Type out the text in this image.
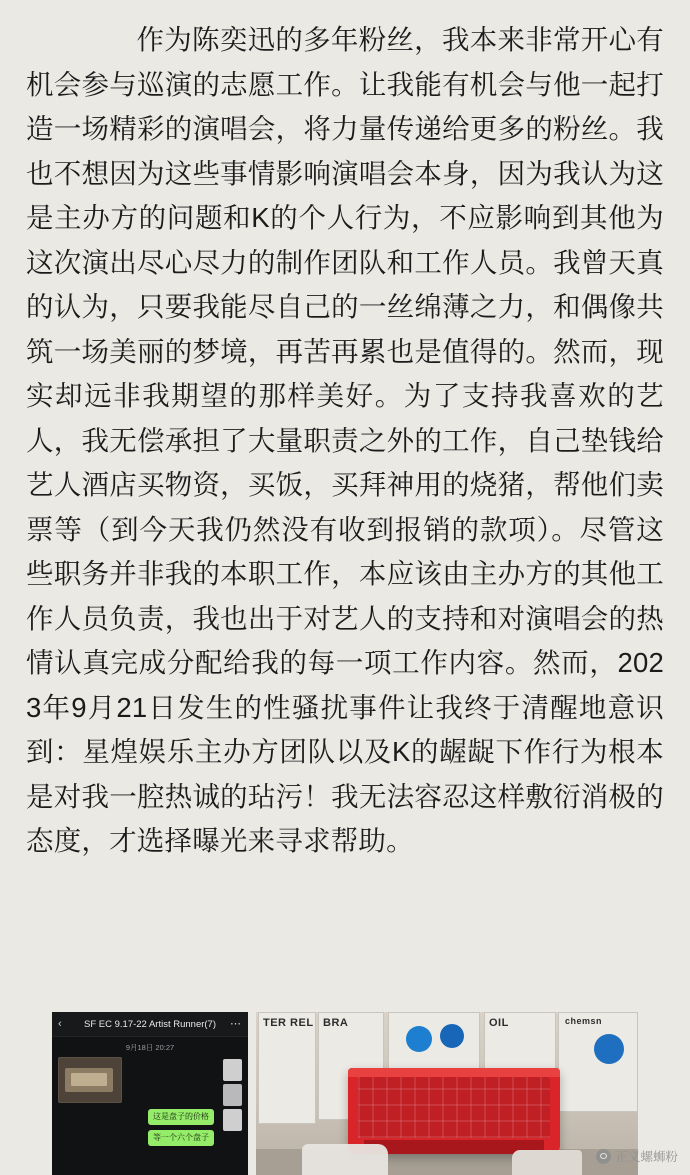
　　作为陈奕迅的多年粉丝，我本来非常开心有机会参与巡演的志愿工作。让我能有机会与他一起打造一场精彩的演唱会，将力量传递给更多的粉丝。我也不想因为这些事情影响演唱会本身，因为我认为这是主办方的问题和K的个人行为，不应影响到其他为这次演出尽心尽力的制作团队和工作人员。我曾天真的认为，只要我能尽自己的一丝绵薄之力，和偶像共筑一场美丽的梦境，再苦再累也是值得的。然而，现实却远非我期望的那样美好。为了支持我喜欢的艺人，我无偿承担了大量职责之外的工作，自己垫钱给艺人酒店买物资，买饭，买拜神用的烧猪，帮他们卖票等（到今天我仍然没有收到报销的款项）。尽管这些职务并非我的本职工作，本应该由主办方的其他工作人员负责，我也出于对艺人的支持和对演唱会的热情认真完成分配给我的每一项工作内容。然而，2023年9月21日发生的性骚扰事件让我终于清醒地意识到：星煌娱乐主办方团队以及K的龌龊下作行为根本是对我一腔热诚的玷污！我无法容忍这样敷衍消极的态度，才选择曝光来寻求帮助。

‹	SF EC 9.17-22 Artist Runner(7)	⋯
9月18日 20:27
这是盘子的价格
等一个六个盘子
TER REL BRA	OIL	chemsn
正义螺蛳粉
